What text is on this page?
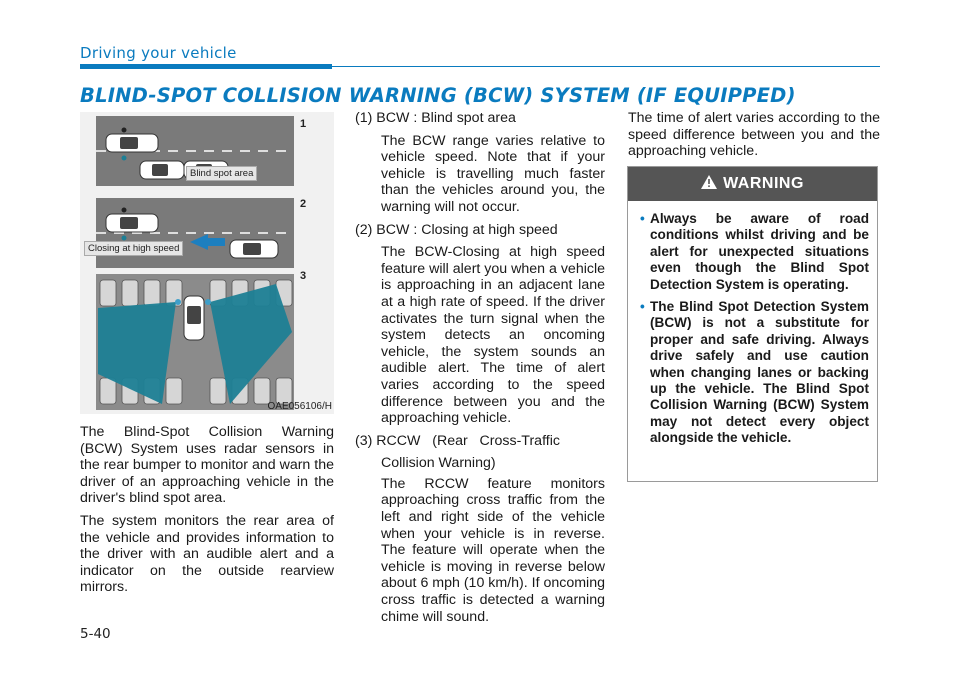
Driving your vehicle
BLIND-SPOT COLLISION WARNING (BCW) SYSTEM (IF EQUIPPED)
1
2
3
Blind spot area
Closing at high speed
OAE056106/H

The Blind-Spot Collision Warning (BCW) System uses radar sensors in the rear bumper to monitor and warn the driver of an approaching vehicle in the driver's blind spot area.

The system monitors the rear area of the vehicle and provides information to the driver with an audible alert and a indicator on the outside rearview mirrors.

(1) BCW : Blind spot area

The BCW range varies relative to vehicle speed. Note that if your vehicle is travelling much faster than the vehicles around you, the warning will not occur.

(2) BCW : Closing at high speed

The BCW-Closing at high speed feature will alert you when a vehicle is approaching in an adjacent lane at a high rate of speed. If the driver activates the turn signal when the system detects an oncoming vehicle, the system sounds an audible alert. The time of alert varies according to the speed difference between you and the approaching vehicle.

(3) RCCW   (Rear   Cross-Traffic

Collision Warning)

The RCCW feature monitors approaching cross traffic from the left and right side of the vehicle when your vehicle is in reverse. The feature will operate when the vehicle is moving in reverse below about 6 mph (10 km/h). If oncoming cross traffic is detected a warning chime will sound.

The time of alert varies according to the speed difference between you and the approaching vehicle.

WARNING
• Always be aware of road conditions whilst driving and be alert for unexpected situations even though the Blind Spot Detection System is operating.
• The Blind Spot Detection System (BCW) is not a substitute for proper and safe driving. Always drive safely and use caution when changing lanes or backing up the vehicle. The Blind Spot Collision Warning (BCW) System may not detect every object alongside the vehicle.
5-40
